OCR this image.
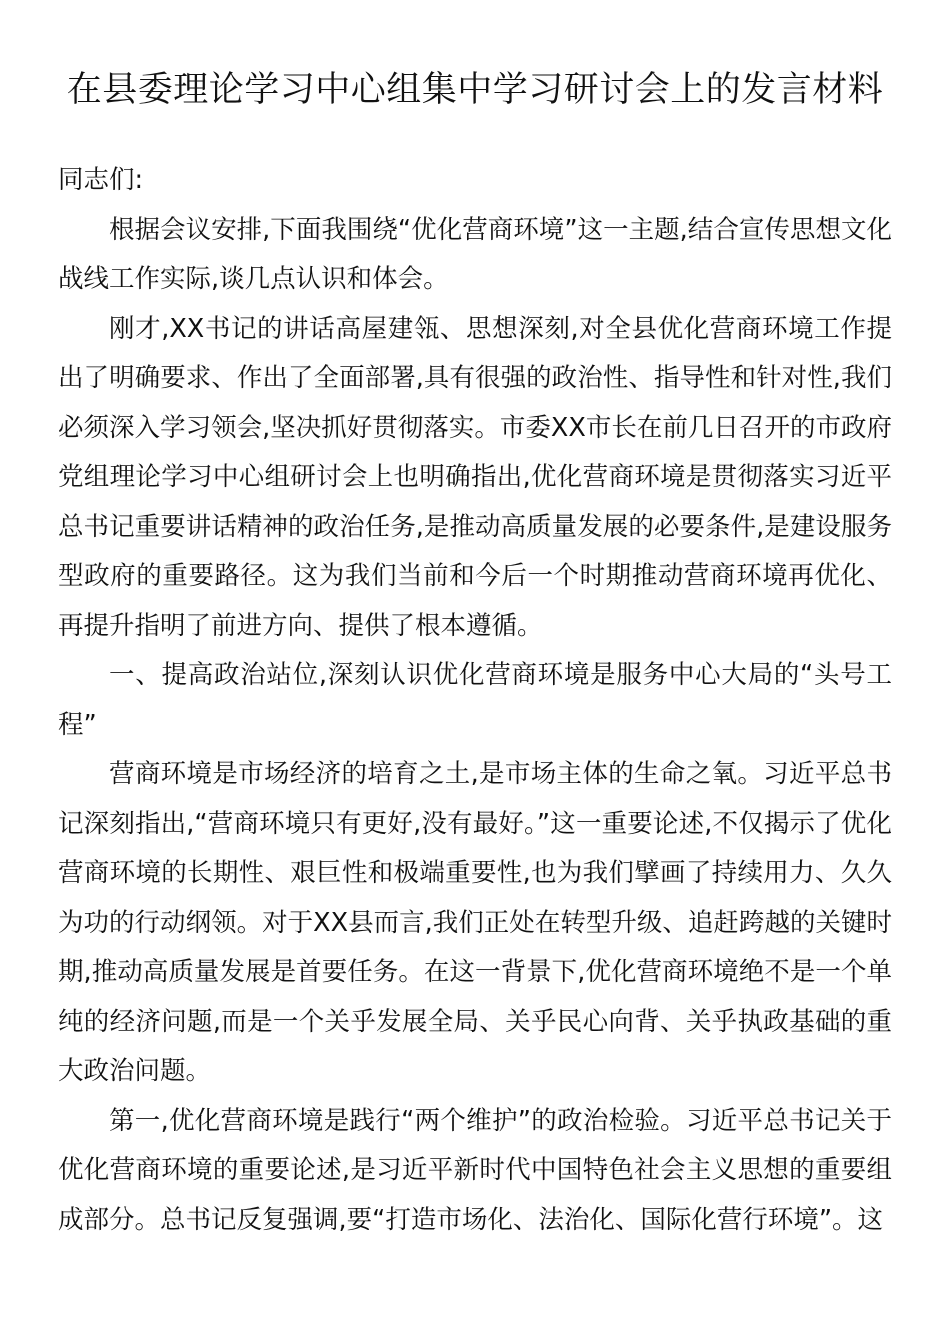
在县委理论学习中心组集中学习研讨会上的发言材料

同志们:

根据会议安排,下面我围绕“优化营商环境”这一主题,结合宣传思想文化战线工作实际,谈几点认识和体会。

刚才,XX书记的讲话高屋建瓴、思想深刻,对全县优化营商环境工作提出了明确要求、作出了全面部署,具有很强的政治性、指导性和针对性,我们必须深入学习领会,坚决抓好贯彻落实。市委XX市长在前几日召开的市政府党组理论学习中心组研讨会上也明确指出,优化营商环境是贯彻落实习近平总书记重要讲话精神的政治任务,是推动高质量发展的必要条件,是建设服务型政府的重要路径。这为我们当前和今后一个时期推动营商环境再优化、再提升指明了前进方向、提供了根本遵循。

一、提高政治站位,深刻认识优化营商环境是服务中心大局的“头号工程”

营商环境是市场经济的培育之土,是市场主体的生命之氧。习近平总书记深刻指出,“营商环境只有更好,没有最好。”这一重要论述,不仅揭示了优化营商环境的长期性、艰巨性和极端重要性,也为我们擘画了持续用力、久久为功的行动纲领。对于XX县而言,我们正处在转型升级、追赶跨越的关键时期,推动高质量发展是首要任务。在这一背景下,优化营商环境绝不是一个单纯的经济问题,而是一个关乎发展全局、关乎民心向背、关乎执政基础的重大政治问题。

第一,优化营商环境是践行“两个维护”的政治检验。习近平总书记关于优化营商环境的重要论述,是习近平新时代中国特色社会主义思想的重要组成部分。总书记反复强调,要“打造市场化、法治化、国际化营行环境”。这
